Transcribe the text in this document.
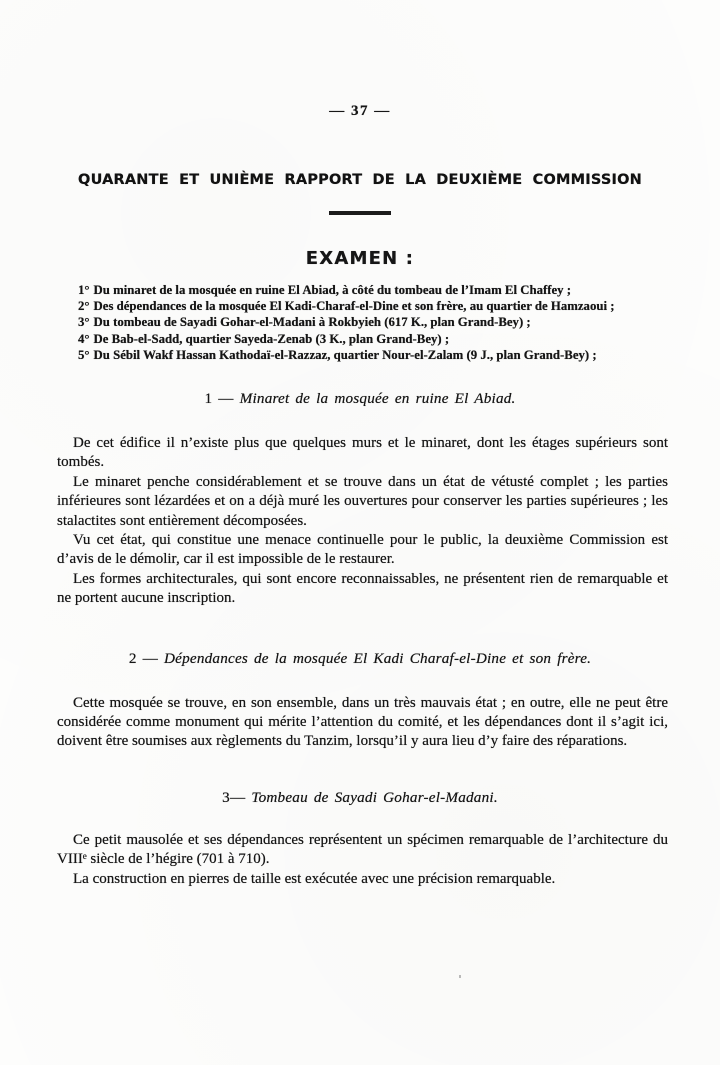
— 37 —
QUARANTE ET UNIÈME RAPPORT DE LA DEUXIÈME COMMISSION
EXAMEN :
1° Du minaret de la mosquée en ruine El Abiad, à côté du tombeau de l’Imam El Chaffey ;
2° Des dépendances de la mosquée El Kadi-Charaf-el-Dine et son frère, au quartier de Hamzaoui ;
3° Du tombeau de Sayadi Gohar-el-Madani à Rokbyieh (617 K., plan Grand-Bey) ;
4° De Bab-el-Sadd, quartier Sayeda-Zenab (3 K., plan Grand-Bey) ;
5° Du Sébil Wakf Hassan Kathodaï-el-Razzaz, quartier Nour-el-Zalam (9 J., plan Grand-Bey) ;
1 — Minaret de la mosquée en ruine El Abiad.

De cet édifice il n’existe plus que quelques murs et le minaret, dont les étages supérieurs sont tombés.

Le minaret penche considérablement et se trouve dans un état de vétusté complet ; les parties inférieures sont lézardées et on a déjà muré les ouvertures pour conserver les parties supérieures ; les stalactites sont entièrement décomposées.

Vu cet état, qui constitue une menace continuelle pour le public, la deuxième Commission est d’avis de le démolir, car il est impossible de le restaurer.

Les formes architecturales, qui sont encore reconnaissables, ne présentent rien de remarquable et ne portent aucune inscription.

2 — Dépendances de la mosquée El Kadi Charaf-el-Dine et son frère.

Cette mosquée se trouve, en son ensemble, dans un très mauvais état ; en outre, elle ne peut être considérée comme monument qui mérite l’attention du comité, et les dépendances dont il s’agit ici, doivent être soumises aux règlements du Tanzim, lorsqu’il y aura lieu d’y faire des réparations.

3— Tombeau de Sayadi Gohar-el-Madani.

Ce petit mausolée et ses dépendances représentent un spécimen remarquable de l’architecture du VIIIᵉ siècle de l’hégire (701 à 710).

La construction en pierres de taille est exécutée avec une précision remarquable.
